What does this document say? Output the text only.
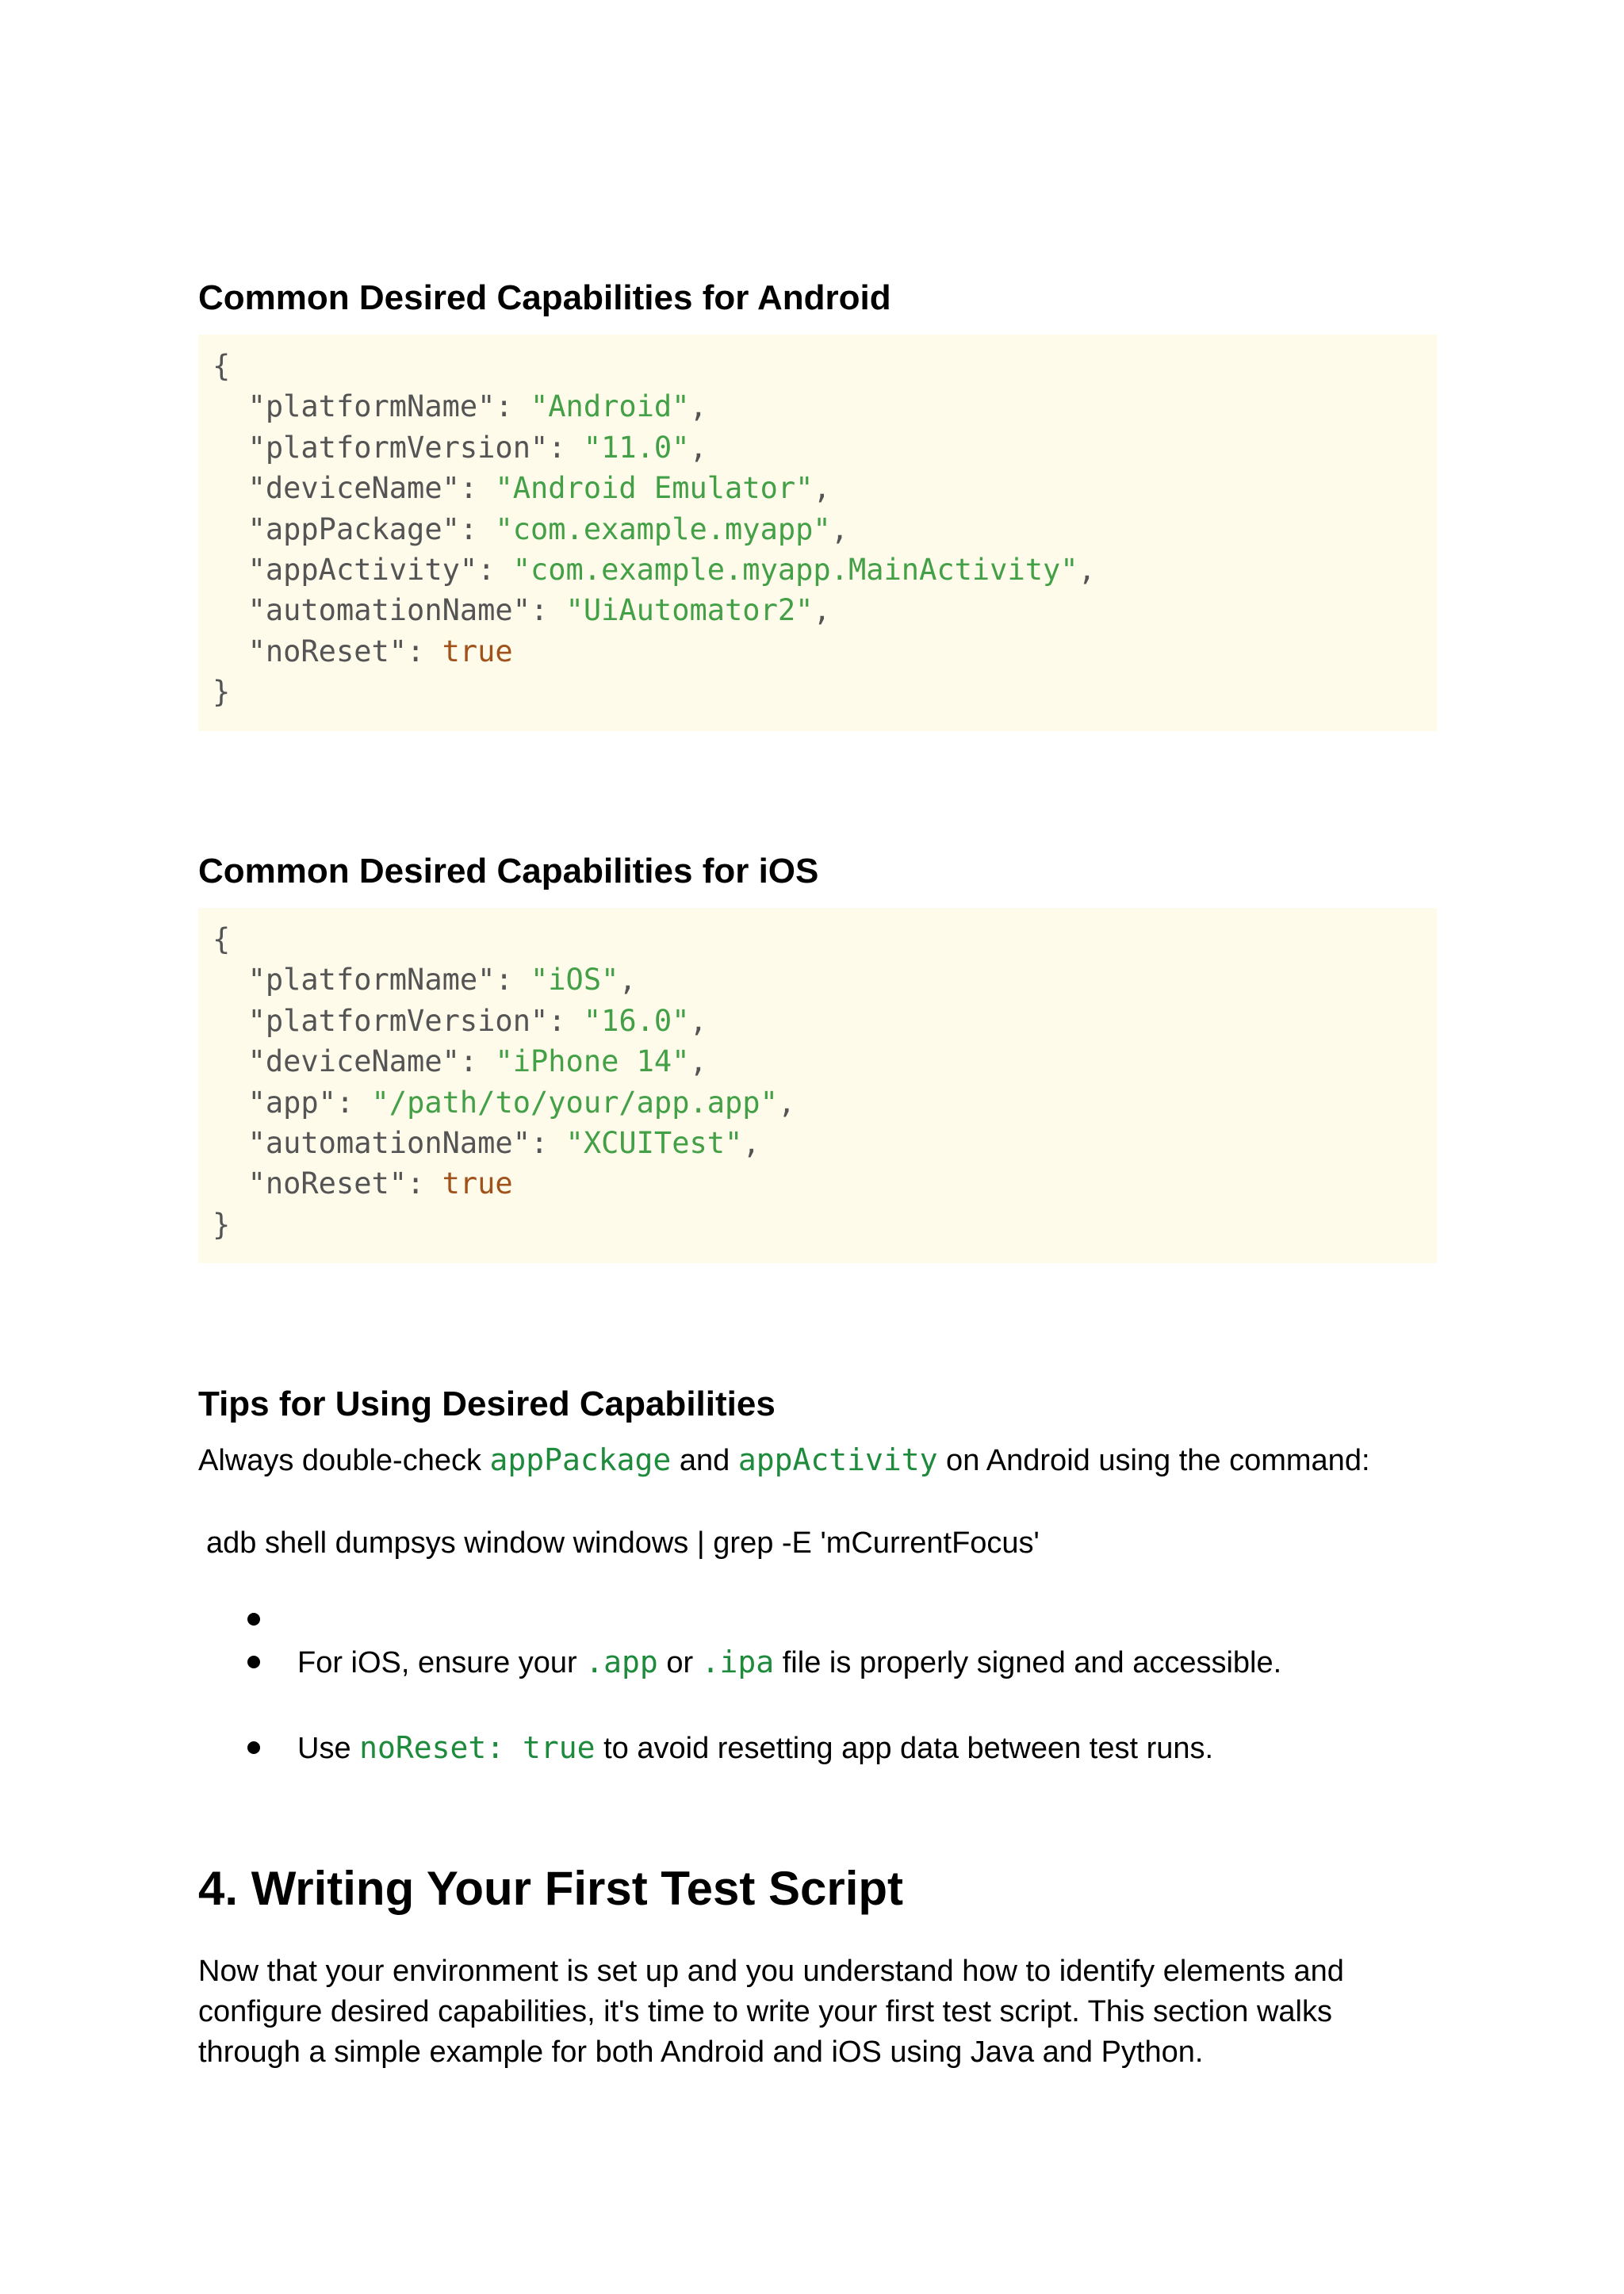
Common Desired Capabilities for Android
{
"platformName": "Android",
"platformVersion": "11.0",
"deviceName": "Android Emulator",
"appPackage": "com.example.myapp",
"appActivity": "com.example.myapp.MainActivity",
"automationName": "UiAutomator2",
"noReset": true
}
Common Desired Capabilities for iOS
{
"platformName": "iOS",
"platformVersion": "16.0",
"deviceName": "iPhone 14",
"app": "/path/to/your/app.app",
"automationName": "XCUITest",
"noReset": true
}
Tips for Using Desired Capabilities

Always double-check appPackage and appActivity on Android using the command:

adb shell dumpsys window windows | grep -E 'mCurrentFocus'
For iOS, ensure your .app or .ipa file is properly signed and accessible.
Use noReset: true to avoid resetting app data between test runs.
4. Writing Your First Test Script
Now that your environment is set up and you understand how to identify elements and
configure desired capabilities, it's time to write your first test script. This section walks
through a simple example for both Android and iOS using Java and Python.
